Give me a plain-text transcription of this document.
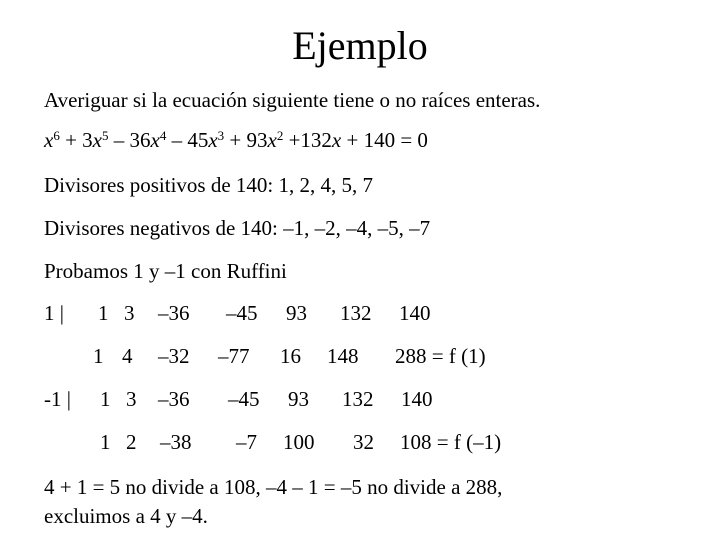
Ejemplo
Averiguar si la ecuación siguiente tiene o no raíces enteras.
$x^6 + 3x^5 - 36x^4 - 45x^3 + 93x^2 +132x + 140 = 0$
Divisores positivos de 140: 1, 2, 4, 5, 7
Divisores negativos de 140: –1, –2, –4, –5, –7
Probamos 1 y –1 con Ruffini
1 | 1 3 –36 –45 93 132 140
1 4 –32 –77 16 148 288 = f (1)
-1 | 1 3 –36 –45 93 132 140
1 2 –38 –7 100 32 108 = f (–1)
4 + 1 = 5 no divide a 108, –4 – 1 = –5 no divide a 288,
excluimos a 4 y –4.
